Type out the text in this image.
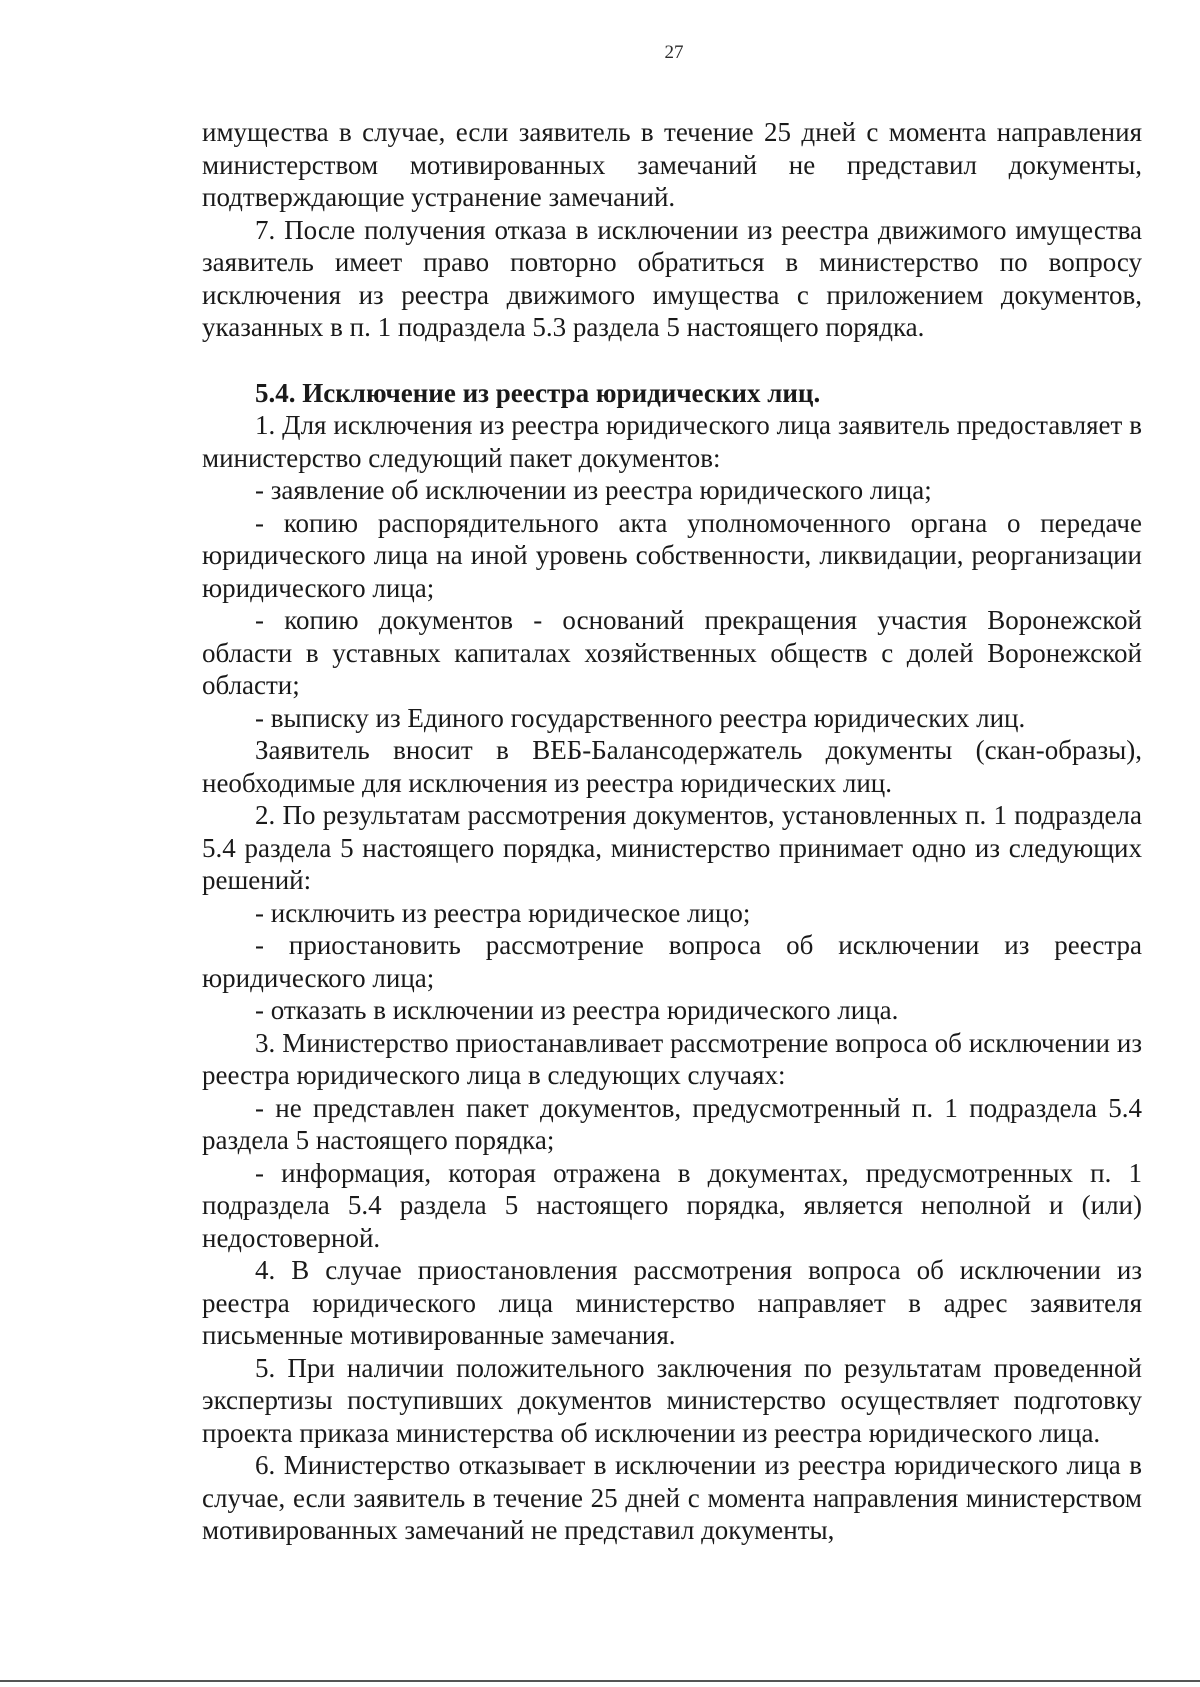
27

имущества в случае, если заявитель в течение 25 дней с момента направления министерством мотивированных замечаний не представил документы, подтверждающие устранение замечаний.

7. После получения отказа в исключении из реестра движимого имущества заявитель имеет право повторно обратиться в министерство по вопросу исключения из реестра движимого имущества с приложением документов, указанных в п. 1 подраздела 5.3 раздела 5 настоящего порядка.

5.4. Исключение из реестра юридических лиц.

1. Для исключения из реестра юридического лица заявитель предоставляет в министерство следующий пакет документов:

- заявление об исключении из реестра юридического лица;

- копию распорядительного акта уполномоченного органа о передаче юридического лица на иной уровень собственности, ликвидации, реорганизации юридического лица;

- копию документов - оснований прекращения участия Воронежской области в уставных капиталах хозяйственных обществ с долей Воронежской области;

- выписку из Единого государственного реестра юридических лиц.

Заявитель вносит в ВЕБ-Балансодержатель документы (скан-образы), необходимые для исключения из реестра юридических лиц.

2. По результатам рассмотрения документов, установленных п. 1 подраздела 5.4 раздела 5 настоящего порядка, министерство принимает одно из следующих решений:

- исключить из реестра юридическое лицо;

- приостановить рассмотрение вопроса об исключении из реестра юридического лица;

- отказать в исключении из реестра юридического лица.

3. Министерство приостанавливает рассмотрение вопроса об исключении из реестра юридического лица в следующих случаях:

- не представлен пакет документов, предусмотренный п. 1 подраздела 5.4 раздела 5 настоящего порядка;

- информация, которая отражена в документах, предусмотренных п. 1 подраздела 5.4 раздела 5 настоящего порядка, является неполной и (или) недостоверной.

4. В случае приостановления рассмотрения вопроса об исключении из реестра юридического лица министерство направляет в адрес заявителя письменные мотивированные замечания.

5. При наличии положительного заключения по результатам проведенной экспертизы поступивших документов министерство осуществляет подготовку проекта приказа министерства об исключении из реестра юридического лица.

6. Министерство отказывает в исключении из реестра юридического лица в случае, если заявитель в течение 25 дней с момента направления министерством мотивированных замечаний не представил документы,
